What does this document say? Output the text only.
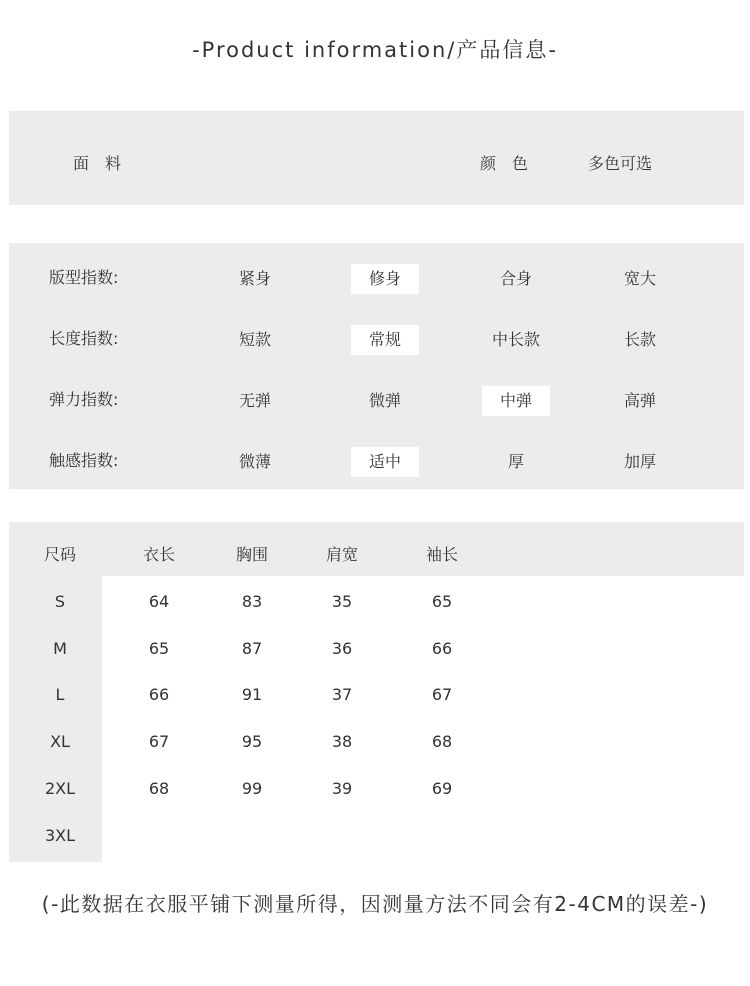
-Product information/产品信息-
面　料	颜　色	多色可选
版型指数:	紧身	修身	合身	宽大
长度指数:	短款	常规	中长款	长款
弹力指数:	无弹	微弹	中弹	高弹
触感指数:	微薄	适中	厚	加厚
尺码	衣长	胸围	肩宽	袖长
S	64	83	35	65
M	65	87	36	66
L	66	91	37	67
XL	67	95	38	68
2XL	68	99	39	69
3XL
(-此数据在衣服平铺下测量所得，因测量方法不同会有2-4CM的误差-)
